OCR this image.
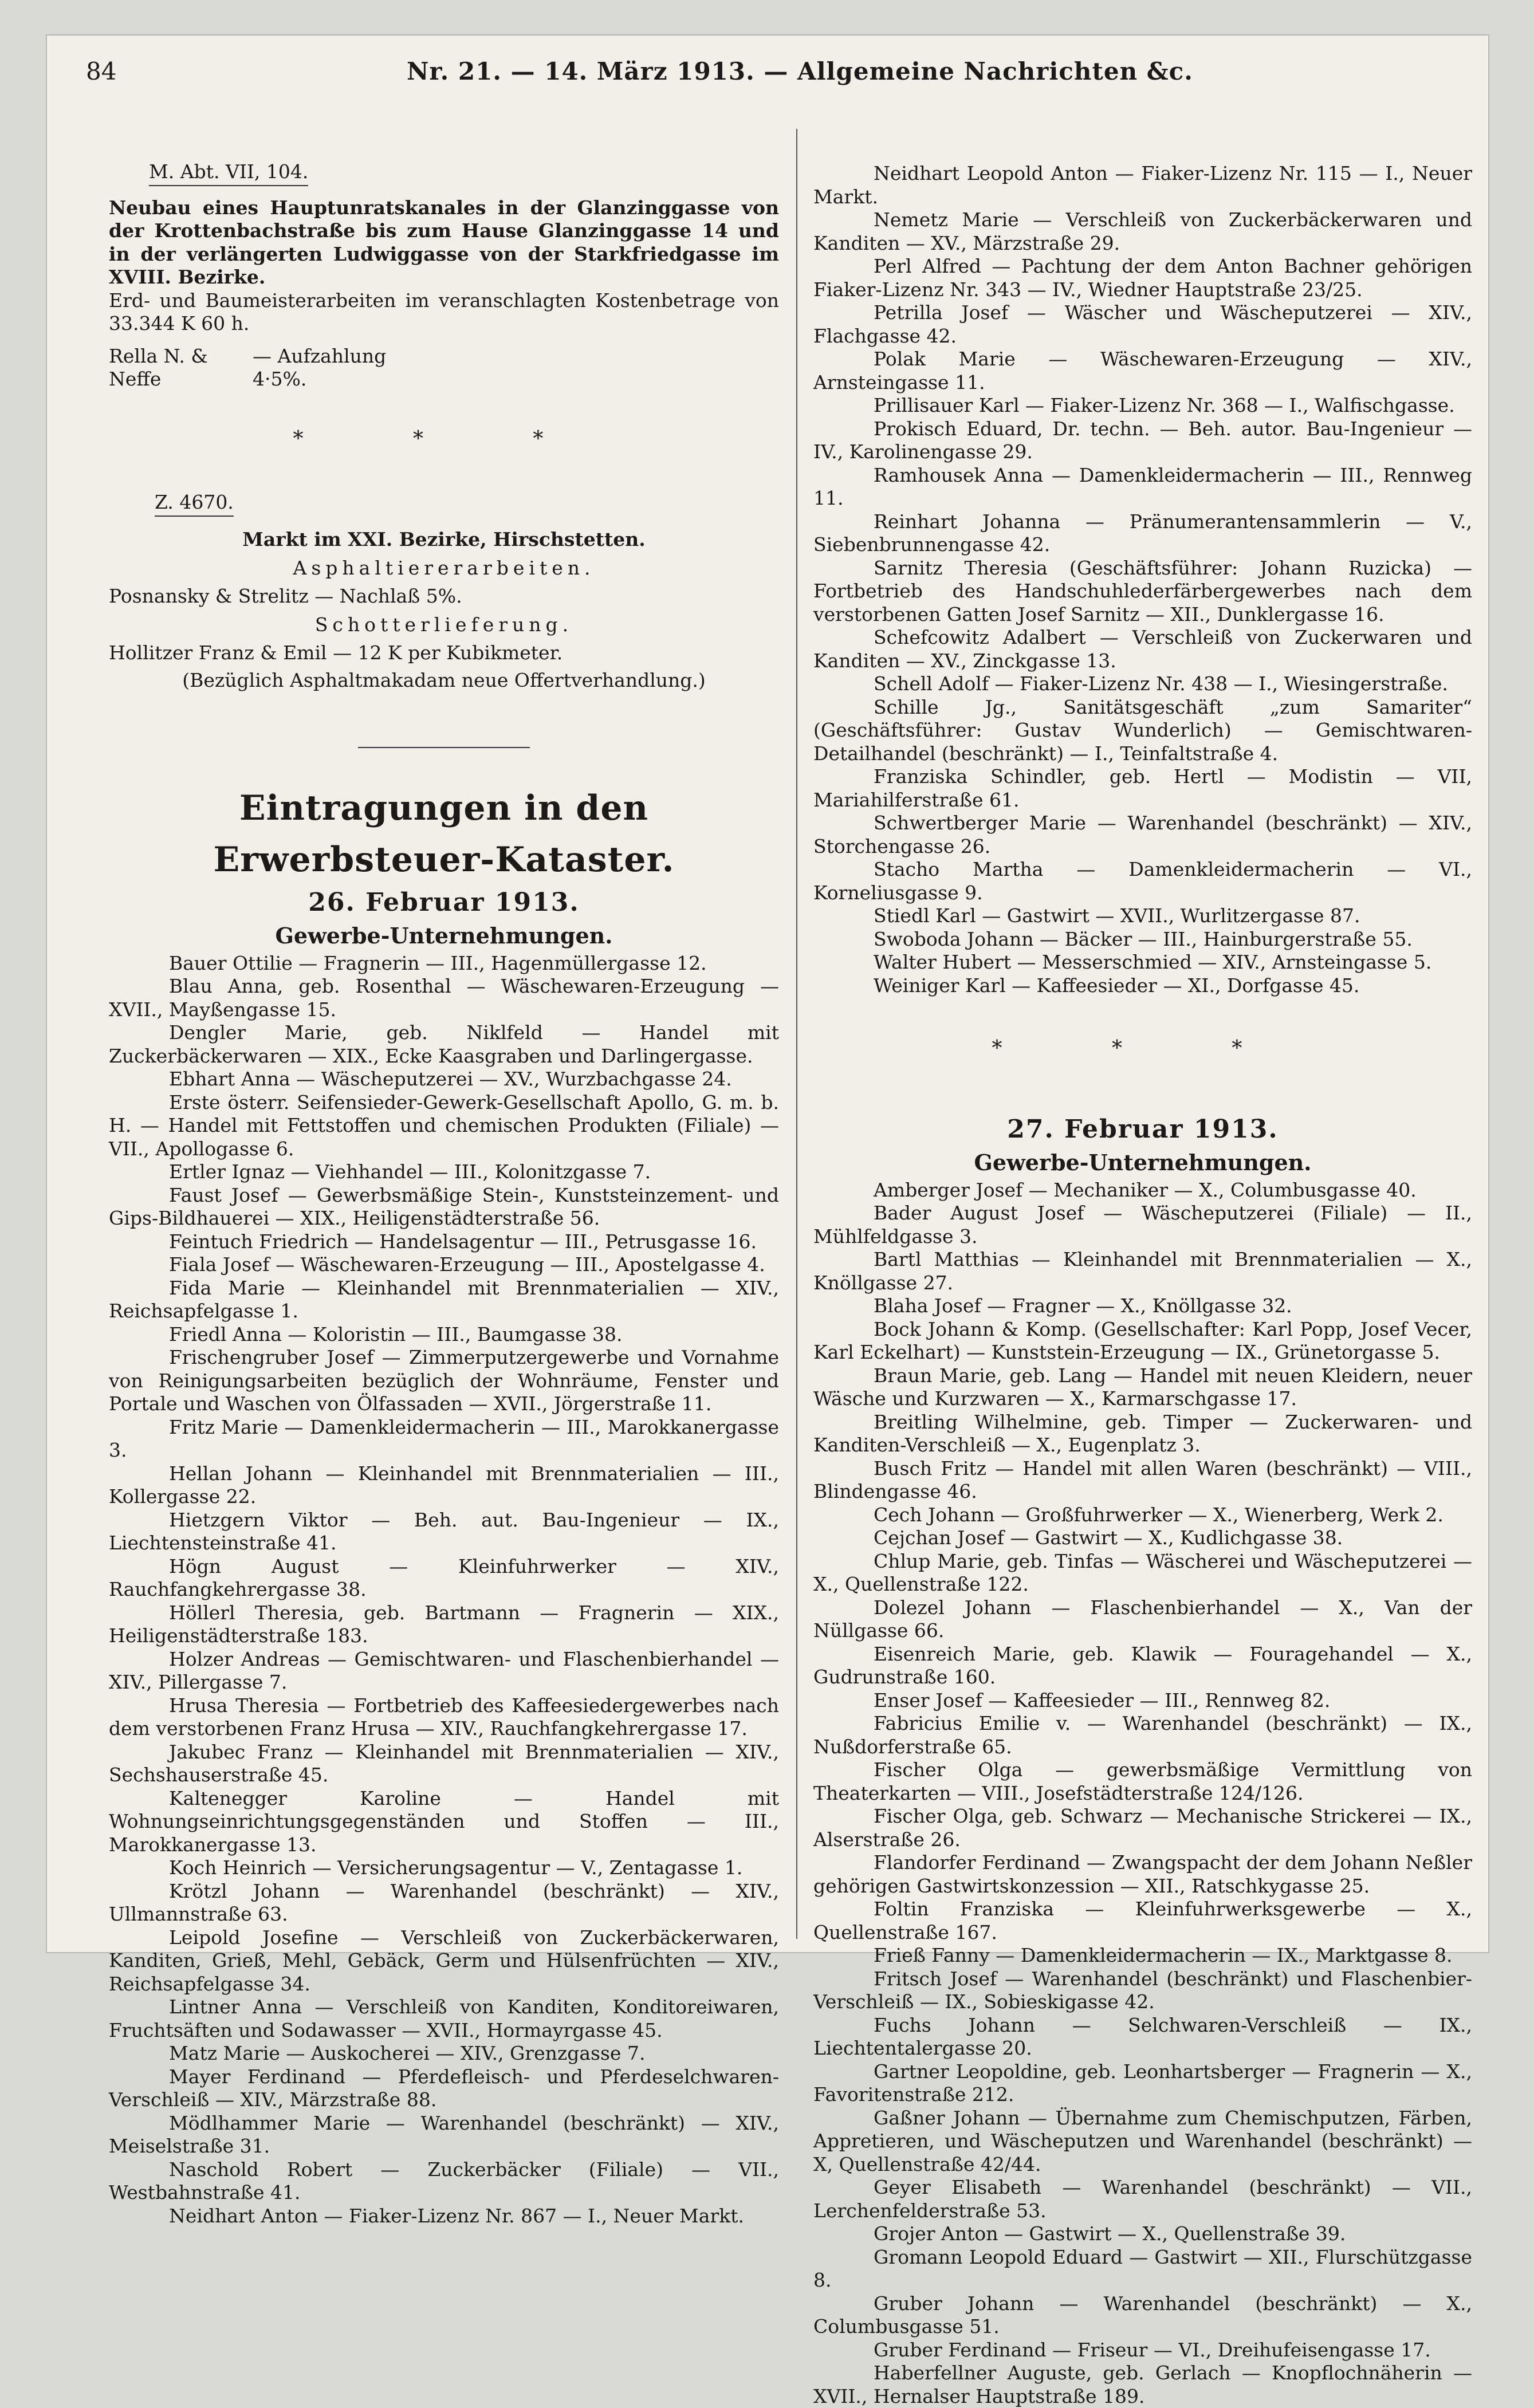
84	Nr. 21. — 14. März 1913. — Allgemeine Nachrichten &c.
M. Abt. VII, 104.

Neubau eines Hauptunratskanales in der Glanzinggasse von der Krottenbachstraße bis zum Hause Glanzinggasse 14 und in der verlängerten Ludwiggasse von der Starkfriedgasse im XVIII. Bezirke.

Erd- und Baumeisterarbeiten im veranschlagten Kostenbetrage von 33.344 K 60 h.

Rella N. & Neffe
— Aufzahlung 4·5%.
* * *
Z. 4670.
Markt im XXI. Bezirke, Hirschstetten.
Asphaltiererarbeiten.
Posnansky & Strelitz — Nachlaß 5%.
Schotterlieferung.
Hollitzer Franz & Emil — 12 K per Kubikmeter.
(Bezüglich Asphaltmakadam neue Offertverhandlung.)
Eintragungen in den Erwerbsteuer-Kataster.
26. Februar 1913.
Gewerbe-Unternehmungen.

Bauer Ottilie — Fragnerin — III., Hagenmüllergasse 12.

Blau Anna, geb. Rosenthal — Wäschewaren-Erzeugung — XVII., Mayßengasse 15.

Dengler Marie, geb. Niklfeld — Handel mit Zuckerbäckerwaren — XIX., Ecke Kaasgraben und Darlingergasse.

Ebhart Anna — Wäscheputzerei — XV., Wurzbachgasse 24.

Erste österr. Seifensieder-Gewerk-Gesellschaft Apollo, G. m. b. H. — Handel mit Fettstoffen und chemischen Produkten (Filiale) — VII., Apollogasse 6.

Ertler Ignaz — Viehhandel — III., Kolonitzgasse 7.

Faust Josef — Gewerbsmäßige Stein-, Kunststeinzement- und Gips-Bildhauerei — XIX., Heiligenstädterstraße 56.

Feintuch Friedrich — Handelsagentur — III., Petrusgasse 16.

Fiala Josef — Wäschewaren-Erzeugung — III., Apostelgasse 4.

Fida Marie — Kleinhandel mit Brennmaterialien — XIV., Reichsapfelgasse 1.

Friedl Anna — Koloristin — III., Baumgasse 38.

Frischengruber Josef — Zimmerputzergewerbe und Vornahme von Reinigungsarbeiten bezüglich der Wohnräume, Fenster und Portale und Waschen von Ölfassaden — XVII., Jörgerstraße 11.

Fritz Marie — Damenkleidermacherin — III., Marokkanergasse 3.

Hellan Johann — Kleinhandel mit Brennmaterialien — III., Kollergasse 22.

Hietzgern Viktor — Beh. aut. Bau-Ingenieur — IX., Liechtensteinstraße 41.

Högn August — Kleinfuhrwerker — XIV., Rauchfangkehrergasse 38.

Höllerl Theresia, geb. Bartmann — Fragnerin — XIX., Heiligenstädterstraße 183.

Holzer Andreas — Gemischtwaren- und Flaschenbierhandel — XIV., Pillergasse 7.

Hrusa Theresia — Fortbetrieb des Kaffeesiedergewerbes nach dem verstorbenen Franz Hrusa — XIV., Rauchfangkehrergasse 17.

Jakubec Franz — Kleinhandel mit Brennmaterialien — XIV., Sechshauserstraße 45.

Kaltenegger Karoline — Handel mit Wohnungseinrichtungsgegenständen und Stoffen — III., Marokkanergasse 13.

Koch Heinrich — Versicherungsagentur — V., Zentagasse 1.

Krötzl Johann — Warenhandel (beschränkt) — XIV., Ullmannstraße 63.

Leipold Josefine — Verschleiß von Zuckerbäckerwaren, Kanditen, Grieß, Mehl, Gebäck, Germ und Hülsenfrüchten — XIV., Reichsapfelgasse 34.

Lintner Anna — Verschleiß von Kanditen, Konditoreiwaren, Fruchtsäften und Sodawasser — XVII., Hormayrgasse 45.

Matz Marie — Auskocherei — XIV., Grenzgasse 7.

Mayer Ferdinand — Pferdefleisch- und Pferdeselchwaren-Verschleiß — XIV., Märzstraße 88.

Mödlhammer Marie — Warenhandel (beschränkt) — XIV., Meiselstraße 31.

Naschold Robert — Zuckerbäcker (Filiale) — VII., Westbahnstraße 41.

Neidhart Anton — Fiaker-Lizenz Nr. 867 — I., Neuer Markt.

Neidhart Leopold Anton — Fiaker-Lizenz Nr. 115 — I., Neuer Markt.

Nemetz Marie — Verschleiß von Zuckerbäckerwaren und Kanditen — XV., Märzstraße 29.

Perl Alfred — Pachtung der dem Anton Bachner gehörigen Fiaker-Lizenz Nr. 343 — IV., Wiedner Hauptstraße 23/25.

Petrilla Josef — Wäscher und Wäscheputzerei — XIV., Flachgasse 42.

Polak Marie — Wäschewaren-Erzeugung — XIV., Arnsteingasse 11.

Prillisauer Karl — Fiaker-Lizenz Nr. 368 — I., Walfischgasse.

Prokisch Eduard, Dr. techn. — Beh. autor. Bau-Ingenieur — IV., Karolinengasse 29.

Ramhousek Anna — Damenkleidermacherin — III., Rennweg 11.

Reinhart Johanna — Pränumerantensammlerin — V., Siebenbrunnengasse 42.

Sarnitz Theresia (Geschäftsführer: Johann Ruzicka) — Fortbetrieb des Handschuhlederfärbergewerbes nach dem verstorbenen Gatten Josef Sarnitz — XII., Dunklergasse 16.

Schefcowitz Adalbert — Verschleiß von Zuckerwaren und Kanditen — XV., Zinckgasse 13.

Schell Adolf — Fiaker-Lizenz Nr. 438 — I., Wiesingerstraße.

Schille Jg., Sanitätsgeschäft „zum Samariter“ (Geschäftsführer: Gustav Wunderlich) — Gemischtwaren-Detailhandel (beschränkt) — I., Teinfaltstraße 4.

Franziska Schindler, geb. Hertl — Modistin — VII, Mariahilferstraße 61.

Schwertberger Marie — Warenhandel (beschränkt) — XIV., Storchengasse 26.

Stacho Martha — Damenkleidermacherin — VI., Korneliusgasse 9.

Stiedl Karl — Gastwirt — XVII., Wurlitzergasse 87.

Swoboda Johann — Bäcker — III., Hainburgerstraße 55.

Walter Hubert — Messerschmied — XIV., Arnsteingasse 5.

Weiniger Karl — Kaffeesieder — XI., Dorfgasse 45.

* * *
27. Februar 1913.
Gewerbe-Unternehmungen.

Amberger Josef — Mechaniker — X., Columbusgasse 40.

Bader August Josef — Wäscheputzerei (Filiale) — II., Mühlfeldgasse 3.

Bartl Matthias — Kleinhandel mit Brennmaterialien — X., Knöllgasse 27.

Blaha Josef — Fragner — X., Knöllgasse 32.

Bock Johann & Komp. (Gesellschafter: Karl Popp, Josef Vecer, Karl Eckelhart) — Kunststein-Erzeugung — IX., Grünetorgasse 5.

Braun Marie, geb. Lang — Handel mit neuen Kleidern, neuer Wäsche und Kurzwaren — X., Karmarschgasse 17.

Breitling Wilhelmine, geb. Timper — Zuckerwaren- und Kanditen-Verschleiß — X., Eugenplatz 3.

Busch Fritz — Handel mit allen Waren (beschränkt) — VIII., Blindengasse 46.

Cech Johann — Großfuhrwerker — X., Wienerberg, Werk 2.

Cejchan Josef — Gastwirt — X., Kudlichgasse 38.

Chlup Marie, geb. Tinfas — Wäscherei und Wäscheputzerei — X., Quellenstraße 122.

Dolezel Johann — Flaschenbierhandel — X., Van der Nüllgasse 66.

Eisenreich Marie, geb. Klawik — Fouragehandel — X., Gudrunstraße 160.

Enser Josef — Kaffeesieder — III., Rennweg 82.

Fabricius Emilie v. — Warenhandel (beschränkt) — IX., Nußdorferstraße 65.

Fischer Olga — gewerbsmäßige Vermittlung von Theaterkarten — VIII., Josefstädterstraße 124/126.

Fischer Olga, geb. Schwarz — Mechanische Strickerei — IX., Alserstraße 26.

Flandorfer Ferdinand — Zwangspacht der dem Johann Neßler gehörigen Gastwirtskonzession — XII., Ratschkygasse 25.

Foltin Franziska — Kleinfuhrwerksgewerbe — X., Quellenstraße 167.

Frieß Fanny — Damenkleidermacherin — IX., Marktgasse 8.

Fritsch Josef — Warenhandel (beschränkt) und Flaschenbier-Verschleiß — IX., Sobieskigasse 42.

Fuchs Johann — Selchwaren-Verschleiß — IX., Liechtentalergasse 20.

Gartner Leopoldine, geb. Leonhartsberger — Fragnerin — X., Favoritenstraße 212.

Gaßner Johann — Übernahme zum Chemischputzen, Färben, Appretieren, und Wäscheputzen und Warenhandel (beschränkt) — X, Quellenstraße 42/44.

Geyer Elisabeth — Warenhandel (beschränkt) — VII., Lerchenfelderstraße 53.

Grojer Anton — Gastwirt — X., Quellenstraße 39.

Gromann Leopold Eduard — Gastwirt — XII., Flurschützgasse 8.

Gruber Johann — Warenhandel (beschränkt) — X., Columbusgasse 51.

Gruber Ferdinand — Friseur — VI., Dreihufeisengasse 17.

Haberfellner Auguste, geb. Gerlach — Knopflochnäherin — XVII., Hernalser Hauptstraße 189.
